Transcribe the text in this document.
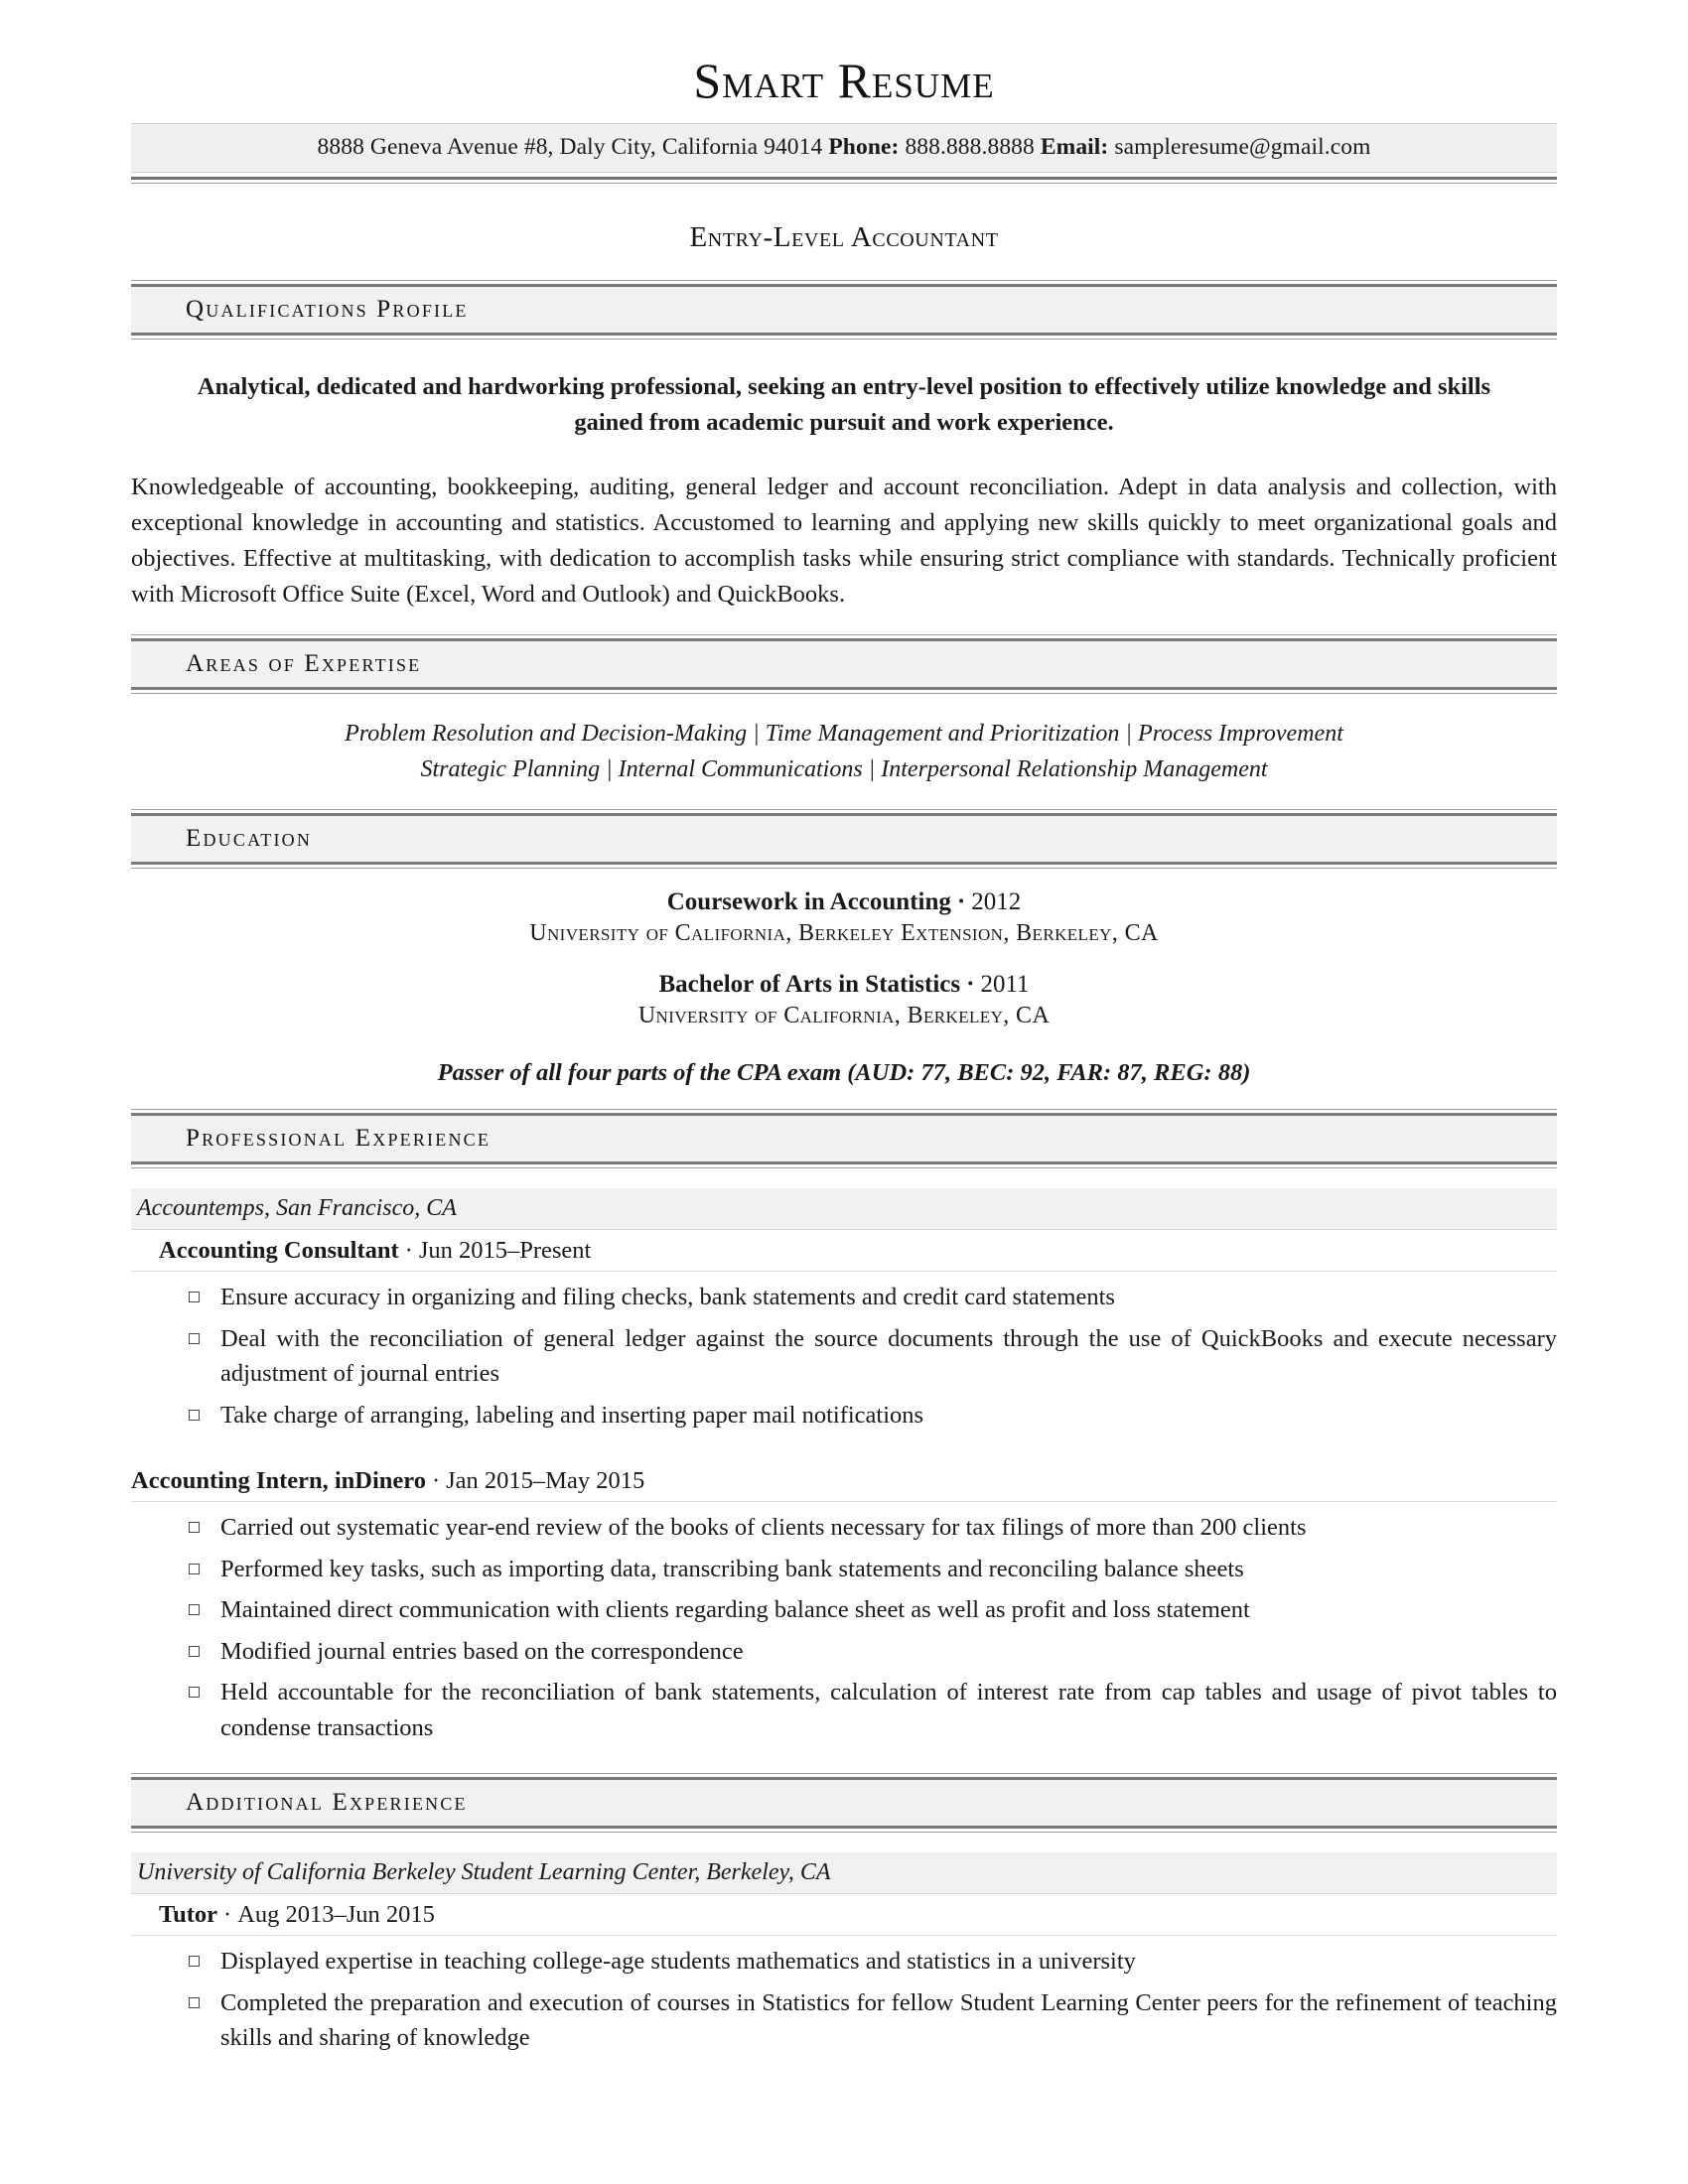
Smart Resume
8888 Geneva Avenue #8, Daly City, California 94014 Phone: 888.888.8888 Email: sampleresume@gmail.com
Entry-Level Accountant
Qualifications Profile
Analytical, dedicated and hardworking professional, seeking an entry-level position to effectively utilize knowledge and skills gained from academic pursuit and work experience.
Knowledgeable of accounting, bookkeeping, auditing, general ledger and account reconciliation. Adept in data analysis and collection, with exceptional knowledge in accounting and statistics. Accustomed to learning and applying new skills quickly to meet organizational goals and objectives. Effective at multitasking, with dedication to accomplish tasks while ensuring strict compliance with standards. Technically proficient with Microsoft Office Suite (Excel, Word and Outlook) and QuickBooks.
Areas of Expertise
Problem Resolution and Decision-Making | Time Management and Prioritization | Process Improvement
Strategic Planning | Internal Communications | Interpersonal Relationship Management
Education
Coursework in Accounting · 2012
University of California, Berkeley Extension, Berkeley, CA
Bachelor of Arts in Statistics · 2011
University of California, Berkeley, CA
Passer of all four parts of the CPA exam (AUD: 77, BEC: 92, FAR: 87, REG: 88)
Professional Experience
Accountemps, San Francisco, CA
Accounting Consultant · Jun 2015–Present
Ensure accuracy in organizing and filing checks, bank statements and credit card statements
Deal with the reconciliation of general ledger against the source documents through the use of QuickBooks and execute necessary adjustment of journal entries
Take charge of arranging, labeling and inserting paper mail notifications
Accounting Intern, inDinero · Jan 2015–May 2015
Carried out systematic year-end review of the books of clients necessary for tax filings of more than 200 clients
Performed key tasks, such as importing data, transcribing bank statements and reconciling balance sheets
Maintained direct communication with clients regarding balance sheet as well as profit and loss statement
Modified journal entries based on the correspondence
Held accountable for the reconciliation of bank statements, calculation of interest rate from cap tables and usage of pivot tables to condense transactions
Additional Experience
University of California Berkeley Student Learning Center, Berkeley, CA
Tutor · Aug 2013–Jun 2015
Displayed expertise in teaching college-age students mathematics and statistics in a university
Completed the preparation and execution of courses in Statistics for fellow Student Learning Center peers for the refinement of teaching skills and sharing of knowledge
